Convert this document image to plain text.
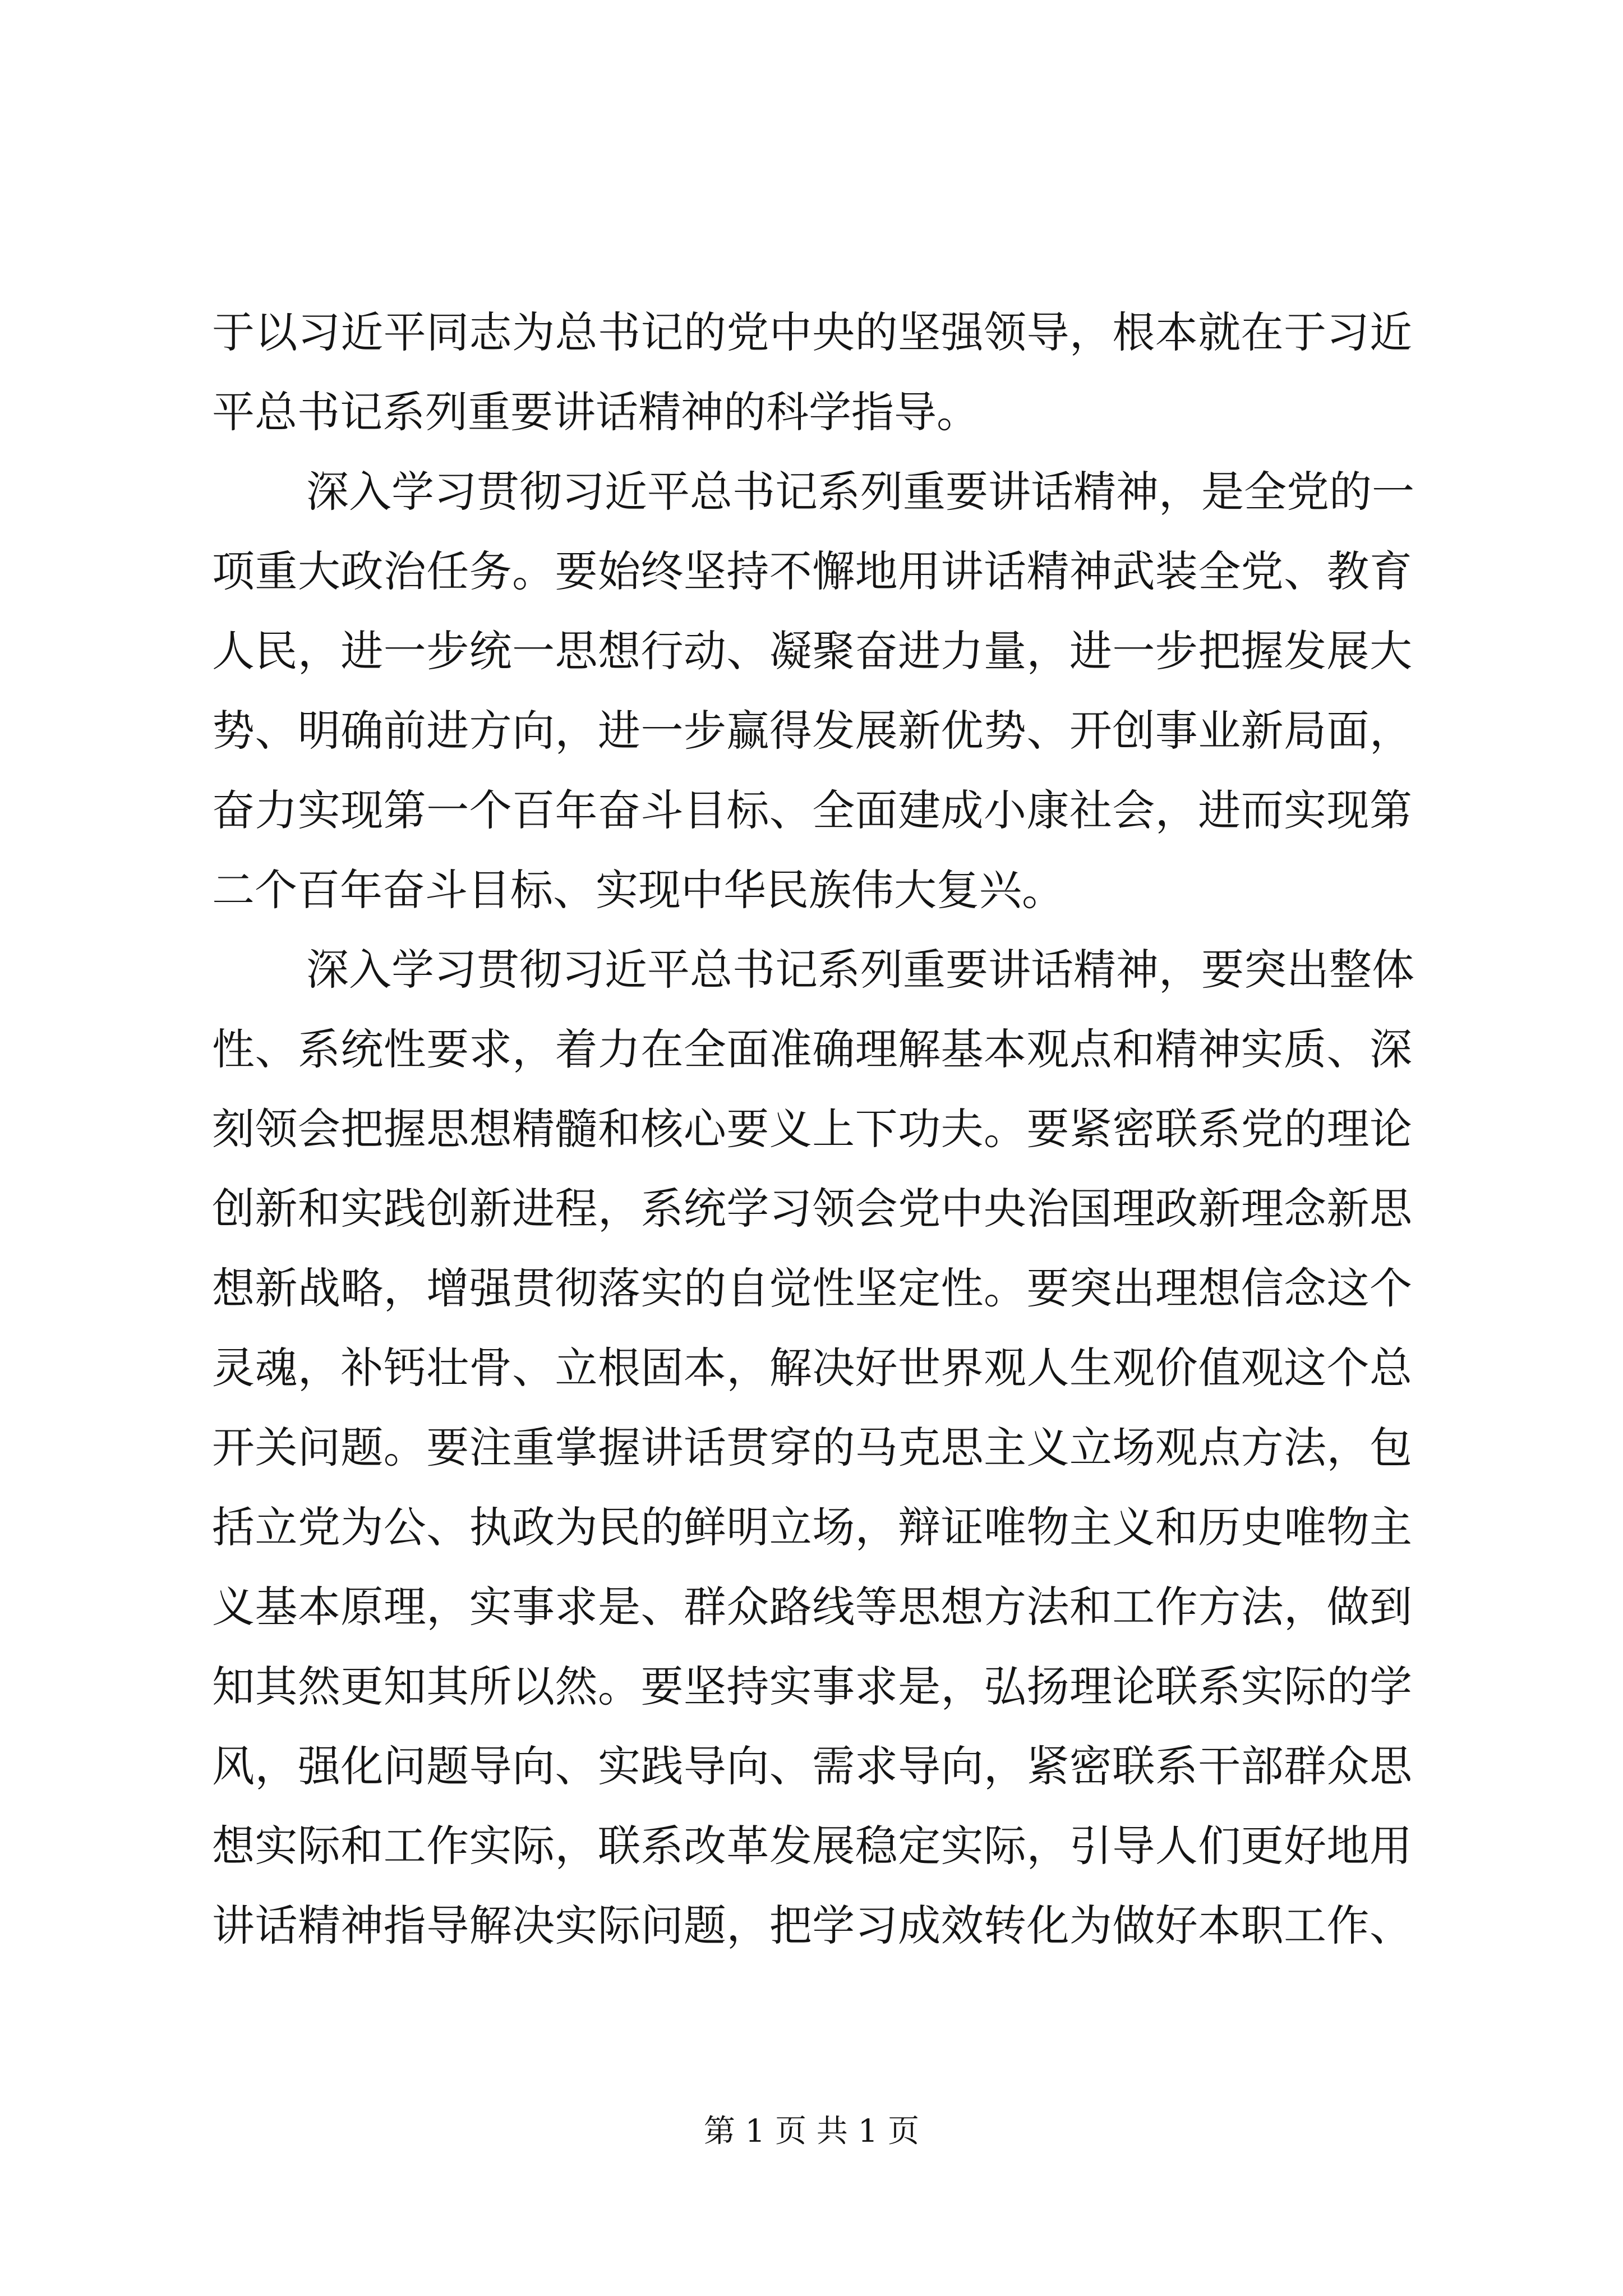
于以习近平同志为总书记的党中央的坚强领导，根本就在于习近
平总书记系列重要讲话精神的科学指导。
深入学习贯彻习近平总书记系列重要讲话精神，是全党的一
项重大政治任务。要始终坚持不懈地用讲话精神武装全党、教育
人民，进一步统一思想行动、凝聚奋进力量，进一步把握发展大
势、明确前进方向，进一步赢得发展新优势、开创事业新局面，
奋力实现第一个百年奋斗目标、全面建成小康社会，进而实现第
二个百年奋斗目标、实现中华民族伟大复兴。
深入学习贯彻习近平总书记系列重要讲话精神，要突出整体
性、系统性要求，着力在全面准确理解基本观点和精神实质、深
刻领会把握思想精髓和核心要义上下功夫。要紧密联系党的理论
创新和实践创新进程，系统学习领会党中央治国理政新理念新思
想新战略，增强贯彻落实的自觉性坚定性。要突出理想信念这个
灵魂，补钙壮骨、立根固本，解决好世界观人生观价值观这个总
开关问题。要注重掌握讲话贯穿的马克思主义立场观点方法，包
括立党为公、执政为民的鲜明立场，辩证唯物主义和历史唯物主
义基本原理，实事求是、群众路线等思想方法和工作方法，做到
知其然更知其所以然。要坚持实事求是，弘扬理论联系实际的学
风，强化问题导向、实践导向、需求导向，紧密联系干部群众思
想实际和工作实际，联系改革发展稳定实际，引导人们更好地用
讲话精神指导解决实际问题，把学习成效转化为做好本职工作、
第 1 页 共 1 页
